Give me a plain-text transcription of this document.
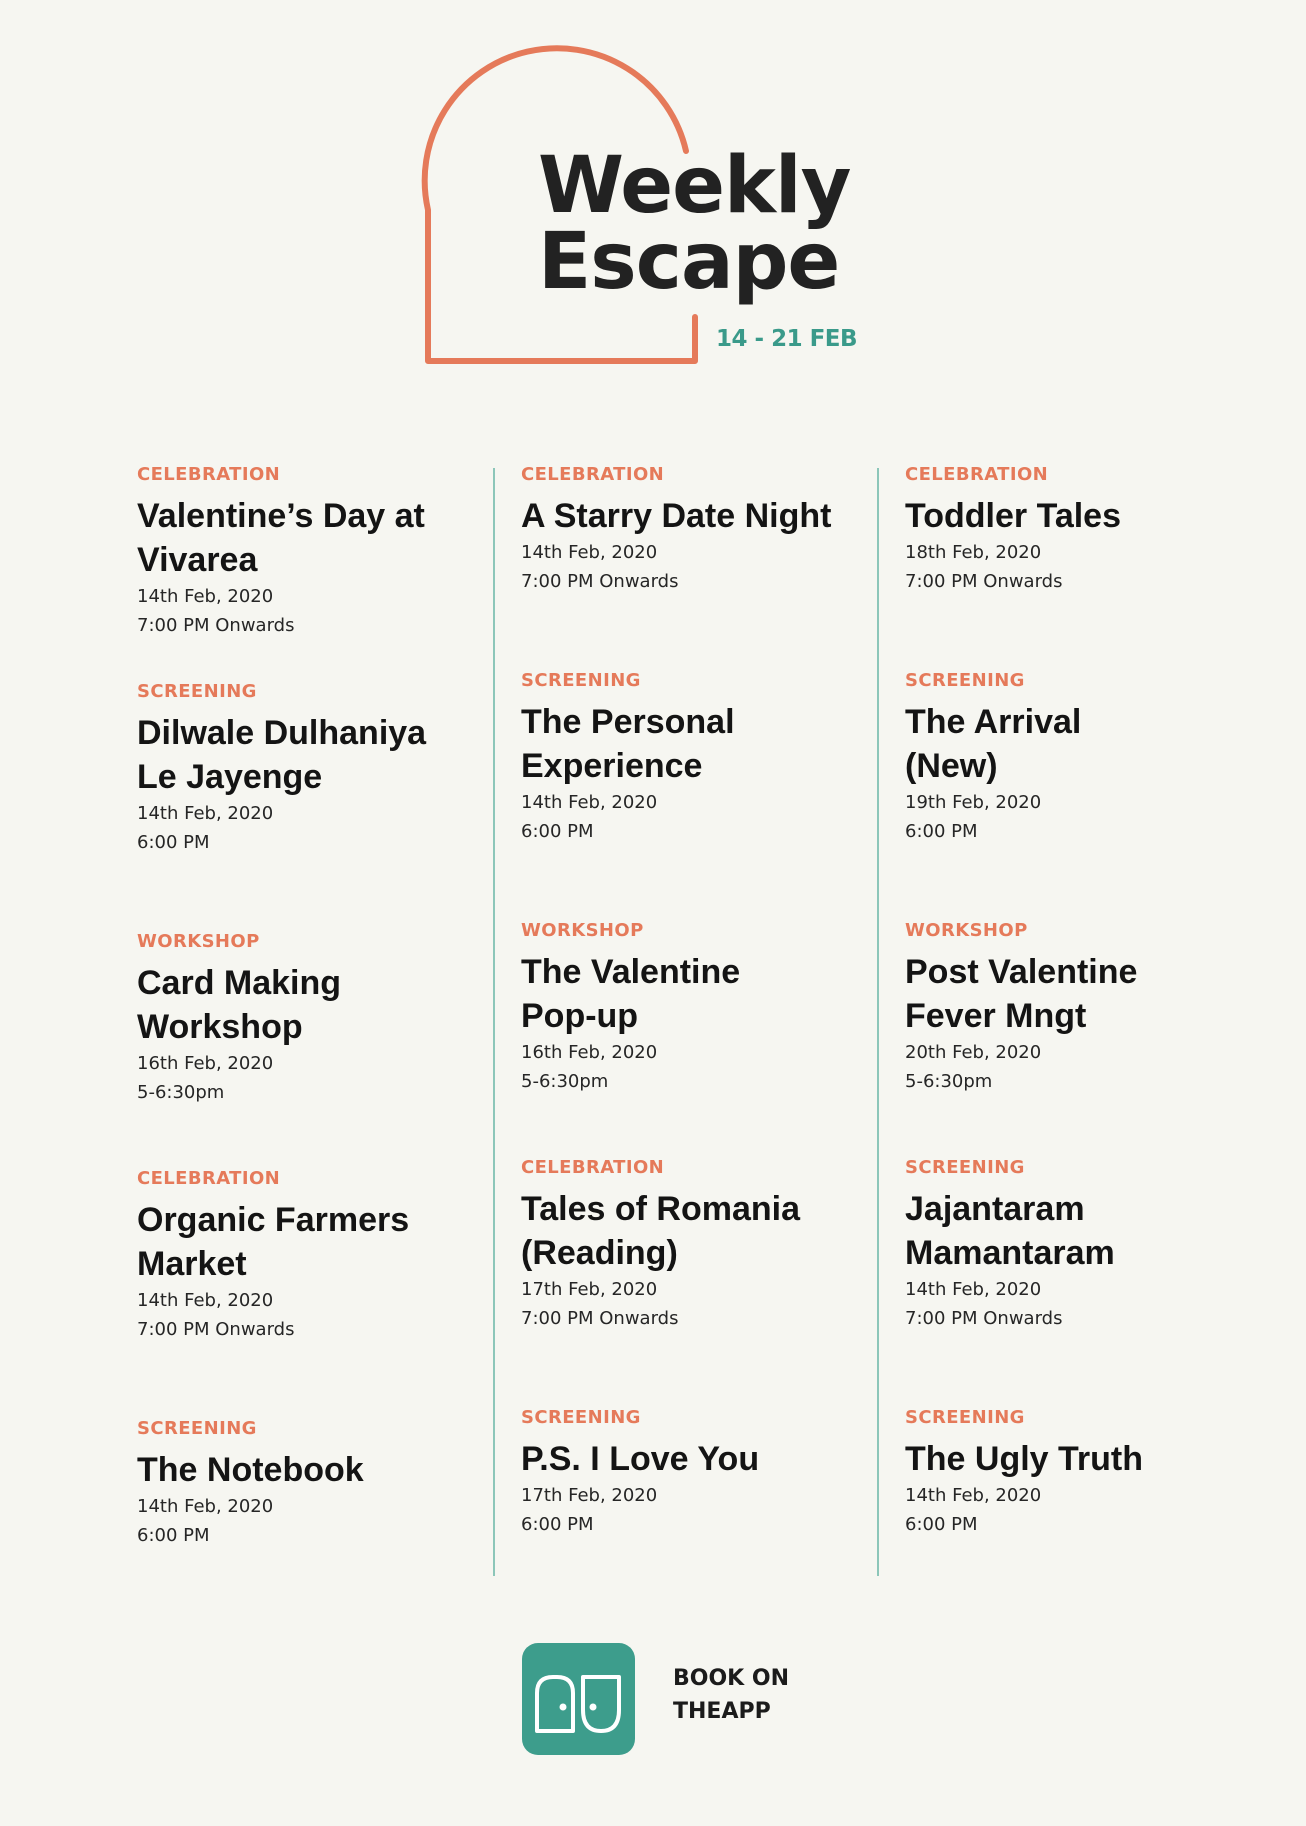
Weekly
Escape
14 - 21 FEB
CELEBRATION
Valentine’s Day at Vivarea
14th Feb, 2020
7:00 PM Onwards
SCREENING
Dilwale Dulhaniya Le Jayenge
14th Feb, 2020
6:00 PM
WORKSHOP
Card Making Workshop
16th Feb, 2020
5-6:30pm
CELEBRATION
Organic Farmers Market
14th Feb, 2020
7:00 PM Onwards
SCREENING
The Notebook
14th Feb, 2020
6:00 PM
CELEBRATION
A Starry Date Night
14th Feb, 2020
7:00 PM Onwards
SCREENING
The Personal Experience
14th Feb, 2020
6:00 PM
WORKSHOP
The Valentine Pop-up
16th Feb, 2020
5-6:30pm
CELEBRATION
Tales of Romania (Reading)
17th Feb, 2020
7:00 PM Onwards
SCREENING
P.S. I Love You
17th Feb, 2020
6:00 PM
CELEBRATION
Toddler Tales
18th Feb, 2020
7:00 PM Onwards
SCREENING
The Arrival (New)
19th Feb, 2020
6:00 PM
WORKSHOP
Post Valentine Fever Mngt
20th Feb, 2020
5-6:30pm
SCREENING
Jajantaram Mamantaram
14th Feb, 2020
7:00 PM Onwards
SCREENING
The Ugly Truth
14th Feb, 2020
6:00 PM
BOOK ON
THEAPP
